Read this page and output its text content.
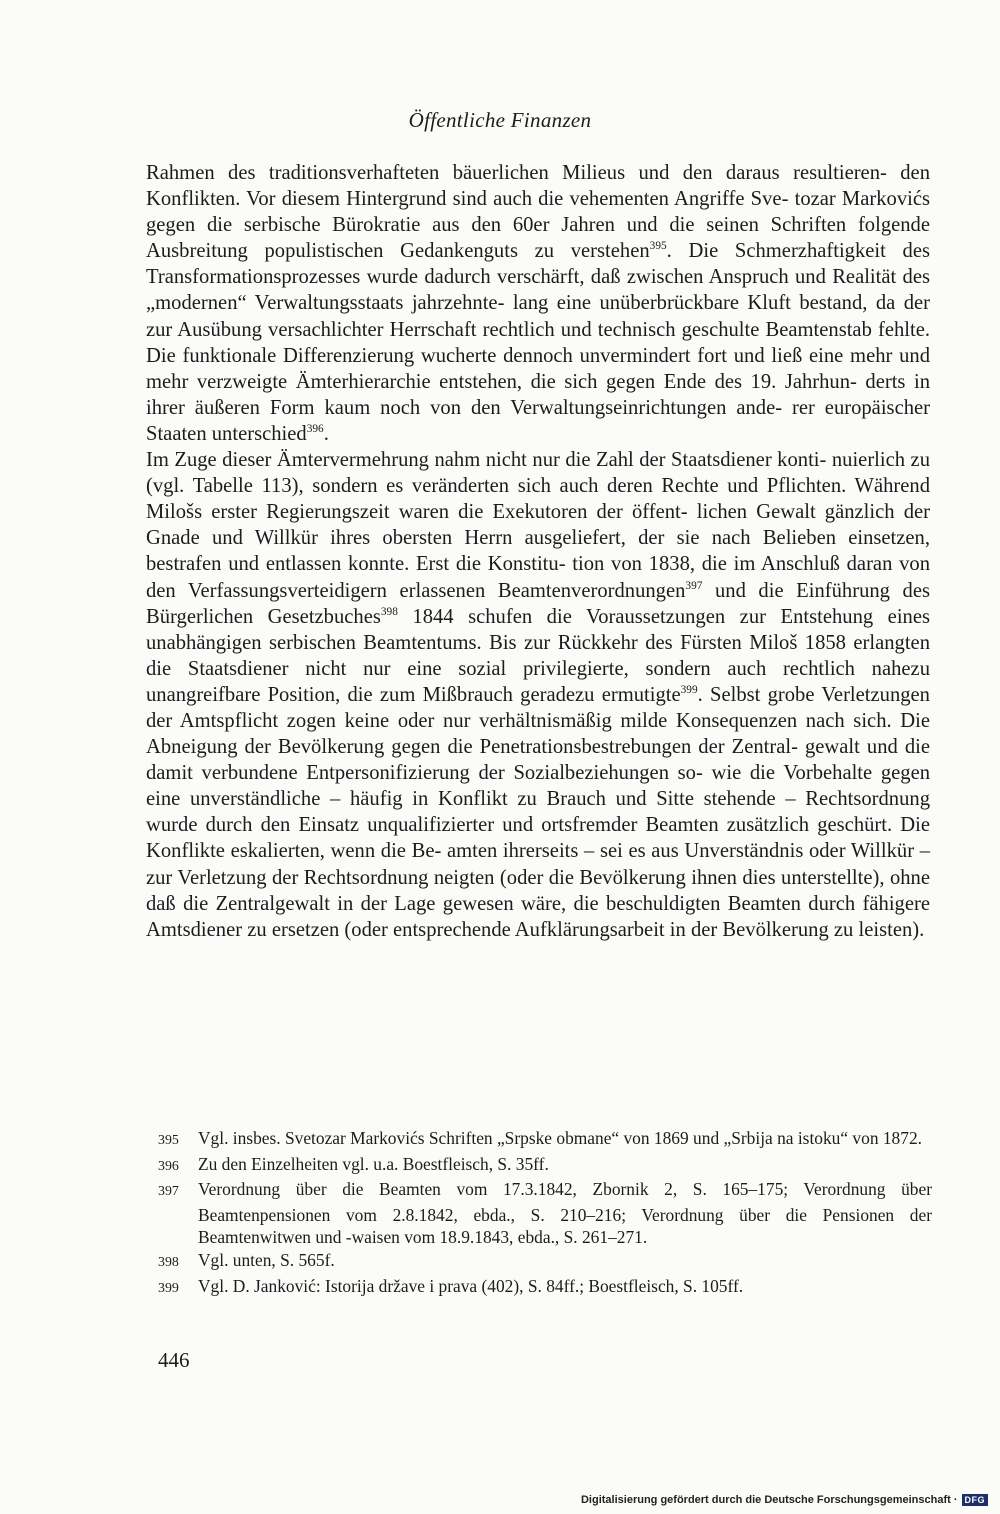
Öffentliche Finanzen

Rahmen des traditionsverhafteten bäuerlichen Milieus und den daraus resultieren- den Konflikten. Vor diesem Hintergrund sind auch die vehementen Angriffe Sve- tozar Markovićs gegen die serbische Bürokratie aus den 60er Jahren und die seinen Schriften folgende Ausbreitung populistischen Gedankenguts zu verstehen$^{395}$. Die Schmerzhaftigkeit des Transformationsprozesses wurde dadurch verschärft, daß zwischen Anspruch und Realität des „modernen“ Verwaltungsstaats jahrzehnte- lang eine unüberbrückbare Kluft bestand, da der zur Ausübung versachlichter Herrschaft rechtlich und technisch geschulte Beamtenstab fehlte. Die funktionale Differenzierung wucherte dennoch unvermindert fort und ließ eine mehr und mehr verzweigte Ämterhierarchie entstehen, die sich gegen Ende des 19. Jahrhun- derts in ihrer äußeren Form kaum noch von den Verwaltungseinrichtungen ande- rer europäischer Staaten unterschied$^{396}$.

Im Zuge dieser Ämtervermehrung nahm nicht nur die Zahl der Staatsdiener konti- nuierlich zu (vgl. Tabelle 113), sondern es veränderten sich auch deren Rechte und Pflichten. Während Milošs erster Regierungszeit waren die Exekutoren der öffent- lichen Gewalt gänzlich der Gnade und Willkür ihres obersten Herrn ausgeliefert, der sie nach Belieben einsetzen, bestrafen und entlassen konnte. Erst die Konstitu- tion von 1838, die im Anschluß daran von den Verfassungsverteidigern erlassenen Beamtenverordnungen$^{397}$ und die Einführung des Bürgerlichen Gesetzbuches$^{398}$ 1844 schufen die Voraussetzungen zur Entstehung eines unabhängigen serbischen Beamtentums. Bis zur Rückkehr des Fürsten Miloš 1858 erlangten die Staatsdiener nicht nur eine sozial privilegierte, sondern auch rechtlich nahezu unangreifbare Position, die zum Mißbrauch geradezu ermutigte$^{399}$. Selbst grobe Verletzungen der Amtspflicht zogen keine oder nur verhältnismäßig milde Konsequenzen nach sich. Die Abneigung der Bevölkerung gegen die Penetrationsbestrebungen der Zentral- gewalt und die damit verbundene Entpersonifizierung der Sozialbeziehungen so- wie die Vorbehalte gegen eine unverständliche – häufig in Konflikt zu Brauch und Sitte stehende – Rechtsordnung wurde durch den Einsatz unqualifizierter und ortsfremder Beamten zusätzlich geschürt. Die Konflikte eskalierten, wenn die Be- amten ihrerseits – sei es aus Unverständnis oder Willkür – zur Verletzung der Rechtsordnung neigten (oder die Bevölkerung ihnen dies unterstellte), ohne daß die Zentralgewalt in der Lage gewesen wäre, die beschuldigten Beamten durch fähigere Amtsdiener zu ersetzen (oder entsprechende Aufklärungsarbeit in der Bevölkerung zu leisten).

395 Vgl. insbes. Svetozar Markovićs Schriften „Srpske obmane“ von 1869 und „Srbija na istoku“ von 1872.
396 Zu den Einzelheiten vgl. u.a. Boestfleisch, S. 35ff.
397 Verordnung über die Beamten vom 17.3.1842, Zbornik 2, S. 165–175; Verordnung über Beamtenpensionen vom 2.8.1842, ebda., S. 210–216; Verordnung über die Pensionen der Beamtenwitwen und -waisen vom 18.9.1843, ebda., S. 261–271.
398 Vgl. unten, S. 565f.
399 Vgl. D. Janković: Istorija države i prava (402), S. 84ff.; Boestfleisch, S. 105ff.
446
Digitalisierung gefördert durch die Deutsche Forschungsgemeinschaft · DFG
